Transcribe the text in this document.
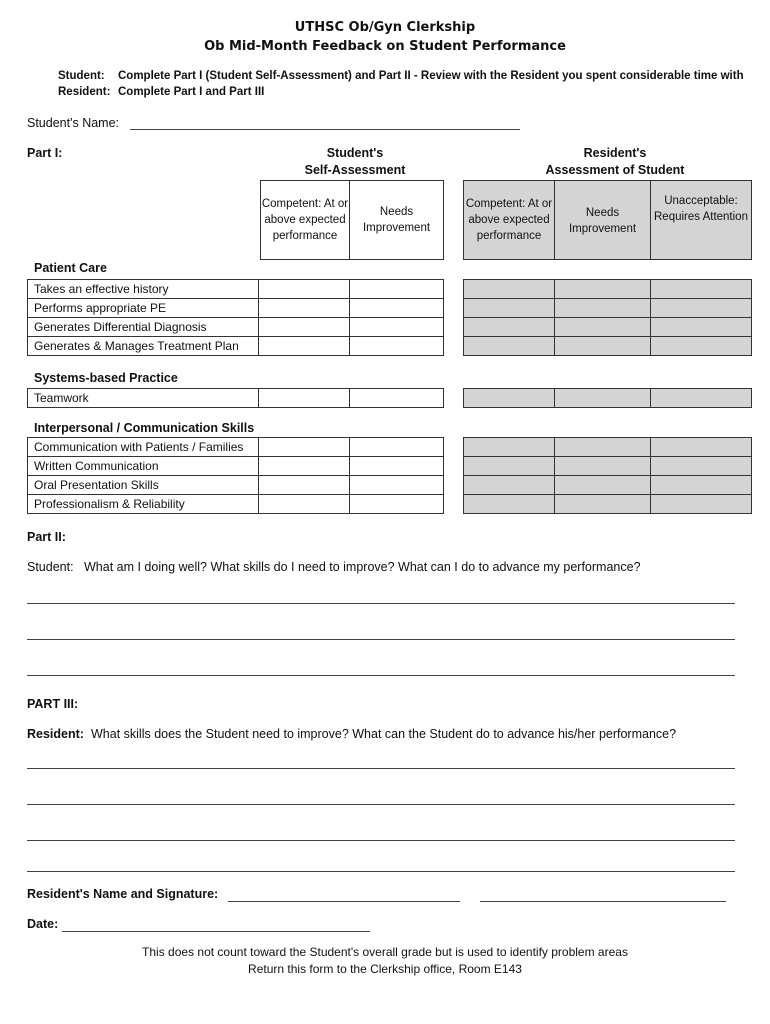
UTHSC Ob/Gyn Clerkship
Ob Mid-Month Feedback on Student Performance
Student: Complete Part I (Student Self-Assessment) and Part II - Review with the Resident you spent considerable time with
Resident: Complete Part I and Part III
Student's Name:
Part I:	Student's
Self-Assessment
Resident's
Assessment of Student
Competent: At or above expected performance
Needs Improvement
Competent: At or above expected performance
Needs Improvement
Unacceptable: Requires Attention
Patient Care
Takes an effective history
Performs appropriate PE
Generates Differential Diagnosis
Generates & Manages Treatment Plan
Systems-based Practice
Teamwork
Interpersonal / Communication Skills
Communication with Patients / Families
Written Communication
Oral Presentation Skills
Professionalism & Reliability
Part II:
Student: What am I doing well? What skills do I need to improve? What can I do to advance my performance?
PART III:
Resident: What skills does the Student need to improve? What can the Student do to advance his/her performance?
Resident's Name and Signature:
Date:
This does not count toward the Student's overall grade but is used to identify problem areas
Return this form to the Clerkship office, Room E143
